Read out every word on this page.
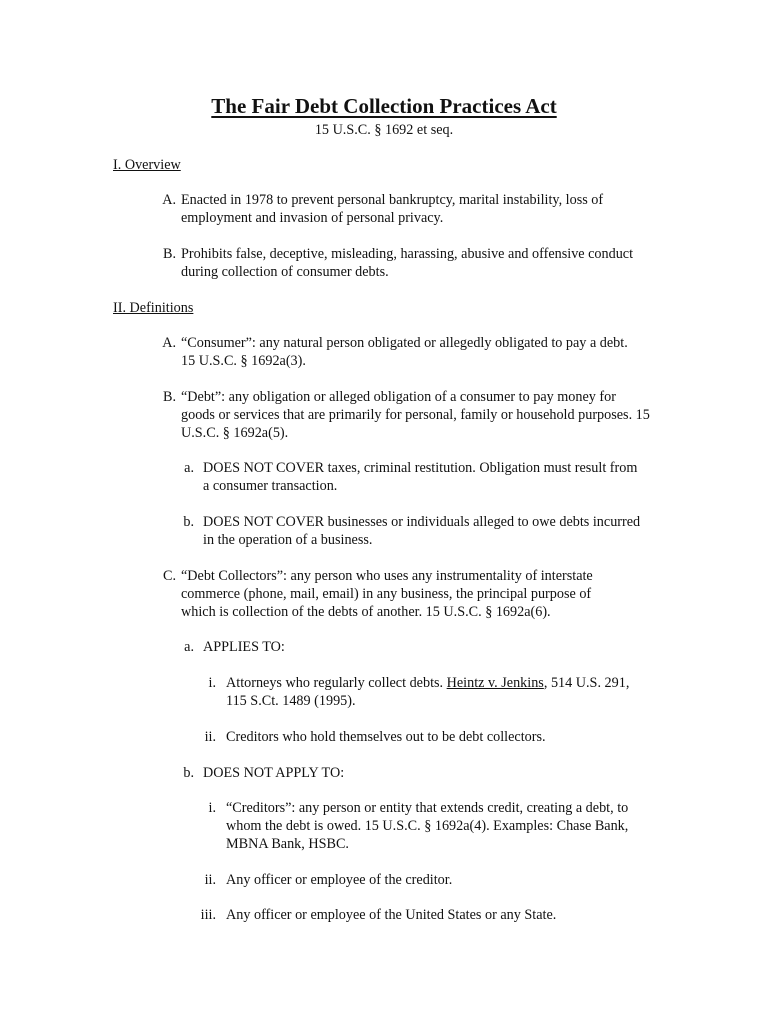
The Fair Debt Collection Practices Act
15 U.S.C. § 1692 et seq.
I. Overview
A. Enacted in 1978 to prevent personal bankruptcy, marital instability, loss of employment and invasion of personal privacy.
B. Prohibits false, deceptive, misleading, harassing, abusive and offensive conduct during collection of consumer debts.
II. Definitions
A. “Consumer”: any natural person obligated or allegedly obligated to pay a debt. 15 U.S.C. § 1692a(3).
B. “Debt”: any obligation or alleged obligation of a consumer to pay money for goods or services that are primarily for personal, family or household purposes. 15 U.S.C. § 1692a(5).
a. DOES NOT COVER taxes, criminal restitution. Obligation must result from a consumer transaction.
b. DOES NOT COVER businesses or individuals alleged to owe debts incurred in the operation of a business.
C. “Debt Collectors”: any person who uses any instrumentality of interstate commerce (phone, mail, email) in any business, the principal purpose of which is collection of the debts of another. 15 U.S.C. § 1692a(6).
a. APPLIES TO:
i. Attorneys who regularly collect debts. Heintz v. Jenkins, 514 U.S. 291, 115 S.Ct. 1489 (1995).
ii. Creditors who hold themselves out to be debt collectors.
b. DOES NOT APPLY TO:
i. “Creditors”: any person or entity that extends credit, creating a debt, to whom the debt is owed. 15 U.S.C. § 1692a(4). Examples: Chase Bank, MBNA Bank, HSBC.
ii. Any officer or employee of the creditor.
iii. Any officer or employee of the United States or any State.
